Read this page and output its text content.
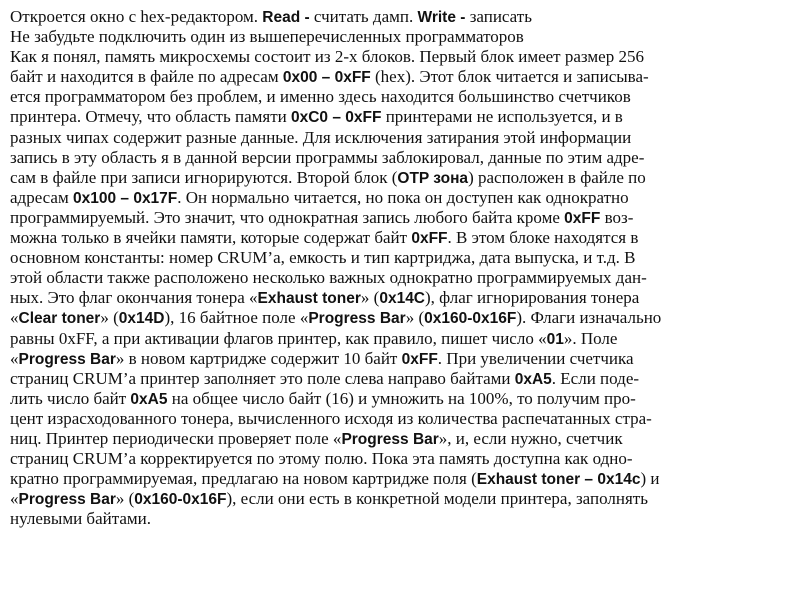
Откроется окно с hex-редактором. Read - считать дамп. Write - записать
Не забудьте подключить один из вышеперечисленных программаторов
Как я понял, память микросхемы состоит из 2-х блоков. Первый блок имеет размер 256
байт и находится в файле по адресам 0x00 – 0xFF (hex). Этот блок читается и записыва-
ется программатором без проблем, и именно здесь находится большинство счетчиков
принтера. Отмечу, что область памяти 0xC0 – 0xFF принтерами не используется, и в
разных чипах содержит разные данные. Для исключения затирания этой информации
запись в эту область я в данной версии программы заблокировал, данные по этим адре-
сам в файле при записи игнорируются. Второй блок (OTP зона) расположен в файле по
адресам 0x100 – 0x17F. Он нормально читается, но пока он доступен как однократно
программируемый. Это значит, что однократная запись любого байта кроме 0xFF воз-
можна только в ячейки памяти, которые содержат байт 0xFF. В этом блоке находятся в
основном константы: номер CRUM’а, емкость и тип картриджа, дата выпуска, и т.д. В
этой области также расположено несколько важных однократно программируемых дан-
ных. Это флаг окончания тонера «Exhaust toner» (0x14C), флаг игнорирования тонера
«Clear toner» (0x14D), 16 байтное поле «Progress Bar» (0x160-0x16F). Флаги изначально
равны 0xFF, а при активации флагов принтер, как правило, пишет число «01». Поле
«Progress Bar» в новом картридже содержит 10 байт 0xFF. При увеличении счетчика
страниц CRUM’а принтер заполняет это поле слева направо байтами 0xA5. Если поде-
лить число байт 0xA5 на общее число байт (16) и умножить на 100%, то получим про-
цент израсходованного тонера, вычисленного исходя из количества распечатанных стра-
ниц. Принтер периодически проверяет поле «Progress Bar», и, если нужно, счетчик
страниц CRUM’а корректируется по этому полю. Пока эта память доступна как одно-
кратно программируемая, предлагаю на новом картридже поля (Exhaust toner – 0x14c) и
«Progress Bar» (0x160-0x16F), если они есть в конкретной модели принтера, заполнять
нулевыми байтами.
